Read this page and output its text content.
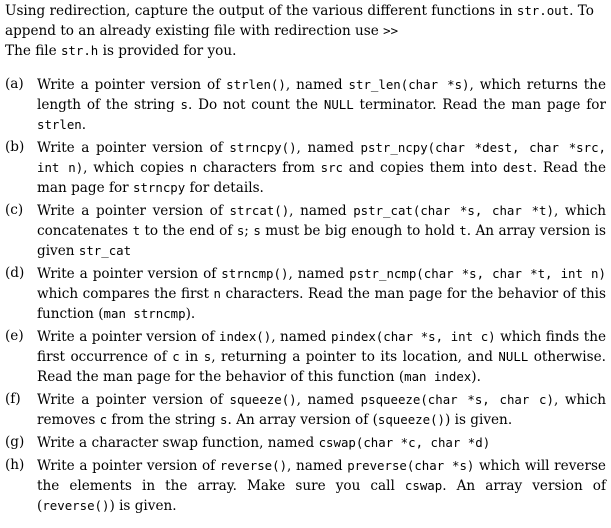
Using redirection, capture the output of the various different functions in str.out. To append to an already existing file with redirection use >>

The file str.h is provided for you.

(a) Write a pointer version of strlen(), named str_len(char *s), which returns the length of the string s. Do not count the NULL terminator. Read the man page for strlen.
(b) Write a pointer version of strncpy(), named pstr_ncpy(char *dest, char *src, int n), which copies n characters from src and copies them into dest. Read the man page for strncpy for details.
(c)	Write a pointer version of strcat(), named pstr_cat(char *s, char *t), which concatenates t to the end of s; s must be big enough to hold t. An array version is given str_cat
(d) Write a pointer version of strncmp(), named pstr_ncmp(char *s, char *t, int n) which compares the first n characters. Read the man page for the behavior of this function (man strncmp).
(e) Write a pointer version of index(), named pindex(char *s, int c) which finds the first occurrence of c in s, returning a pointer to its location, and NULL otherwise. Read the man page for the behavior of this function (man index).
(f)	Write a pointer version of squeeze(), named psqueeze(char *s, char c), which removes c from the string s. An array version of (squeeze()) is given.
(g) Write a character swap function, named cswap(char *c, char *d)
(h) Write a pointer version of reverse(), named preverse(char *s) which will reverse the elements in the array. Make sure you call cswap. An array version of (reverse()) is given.
